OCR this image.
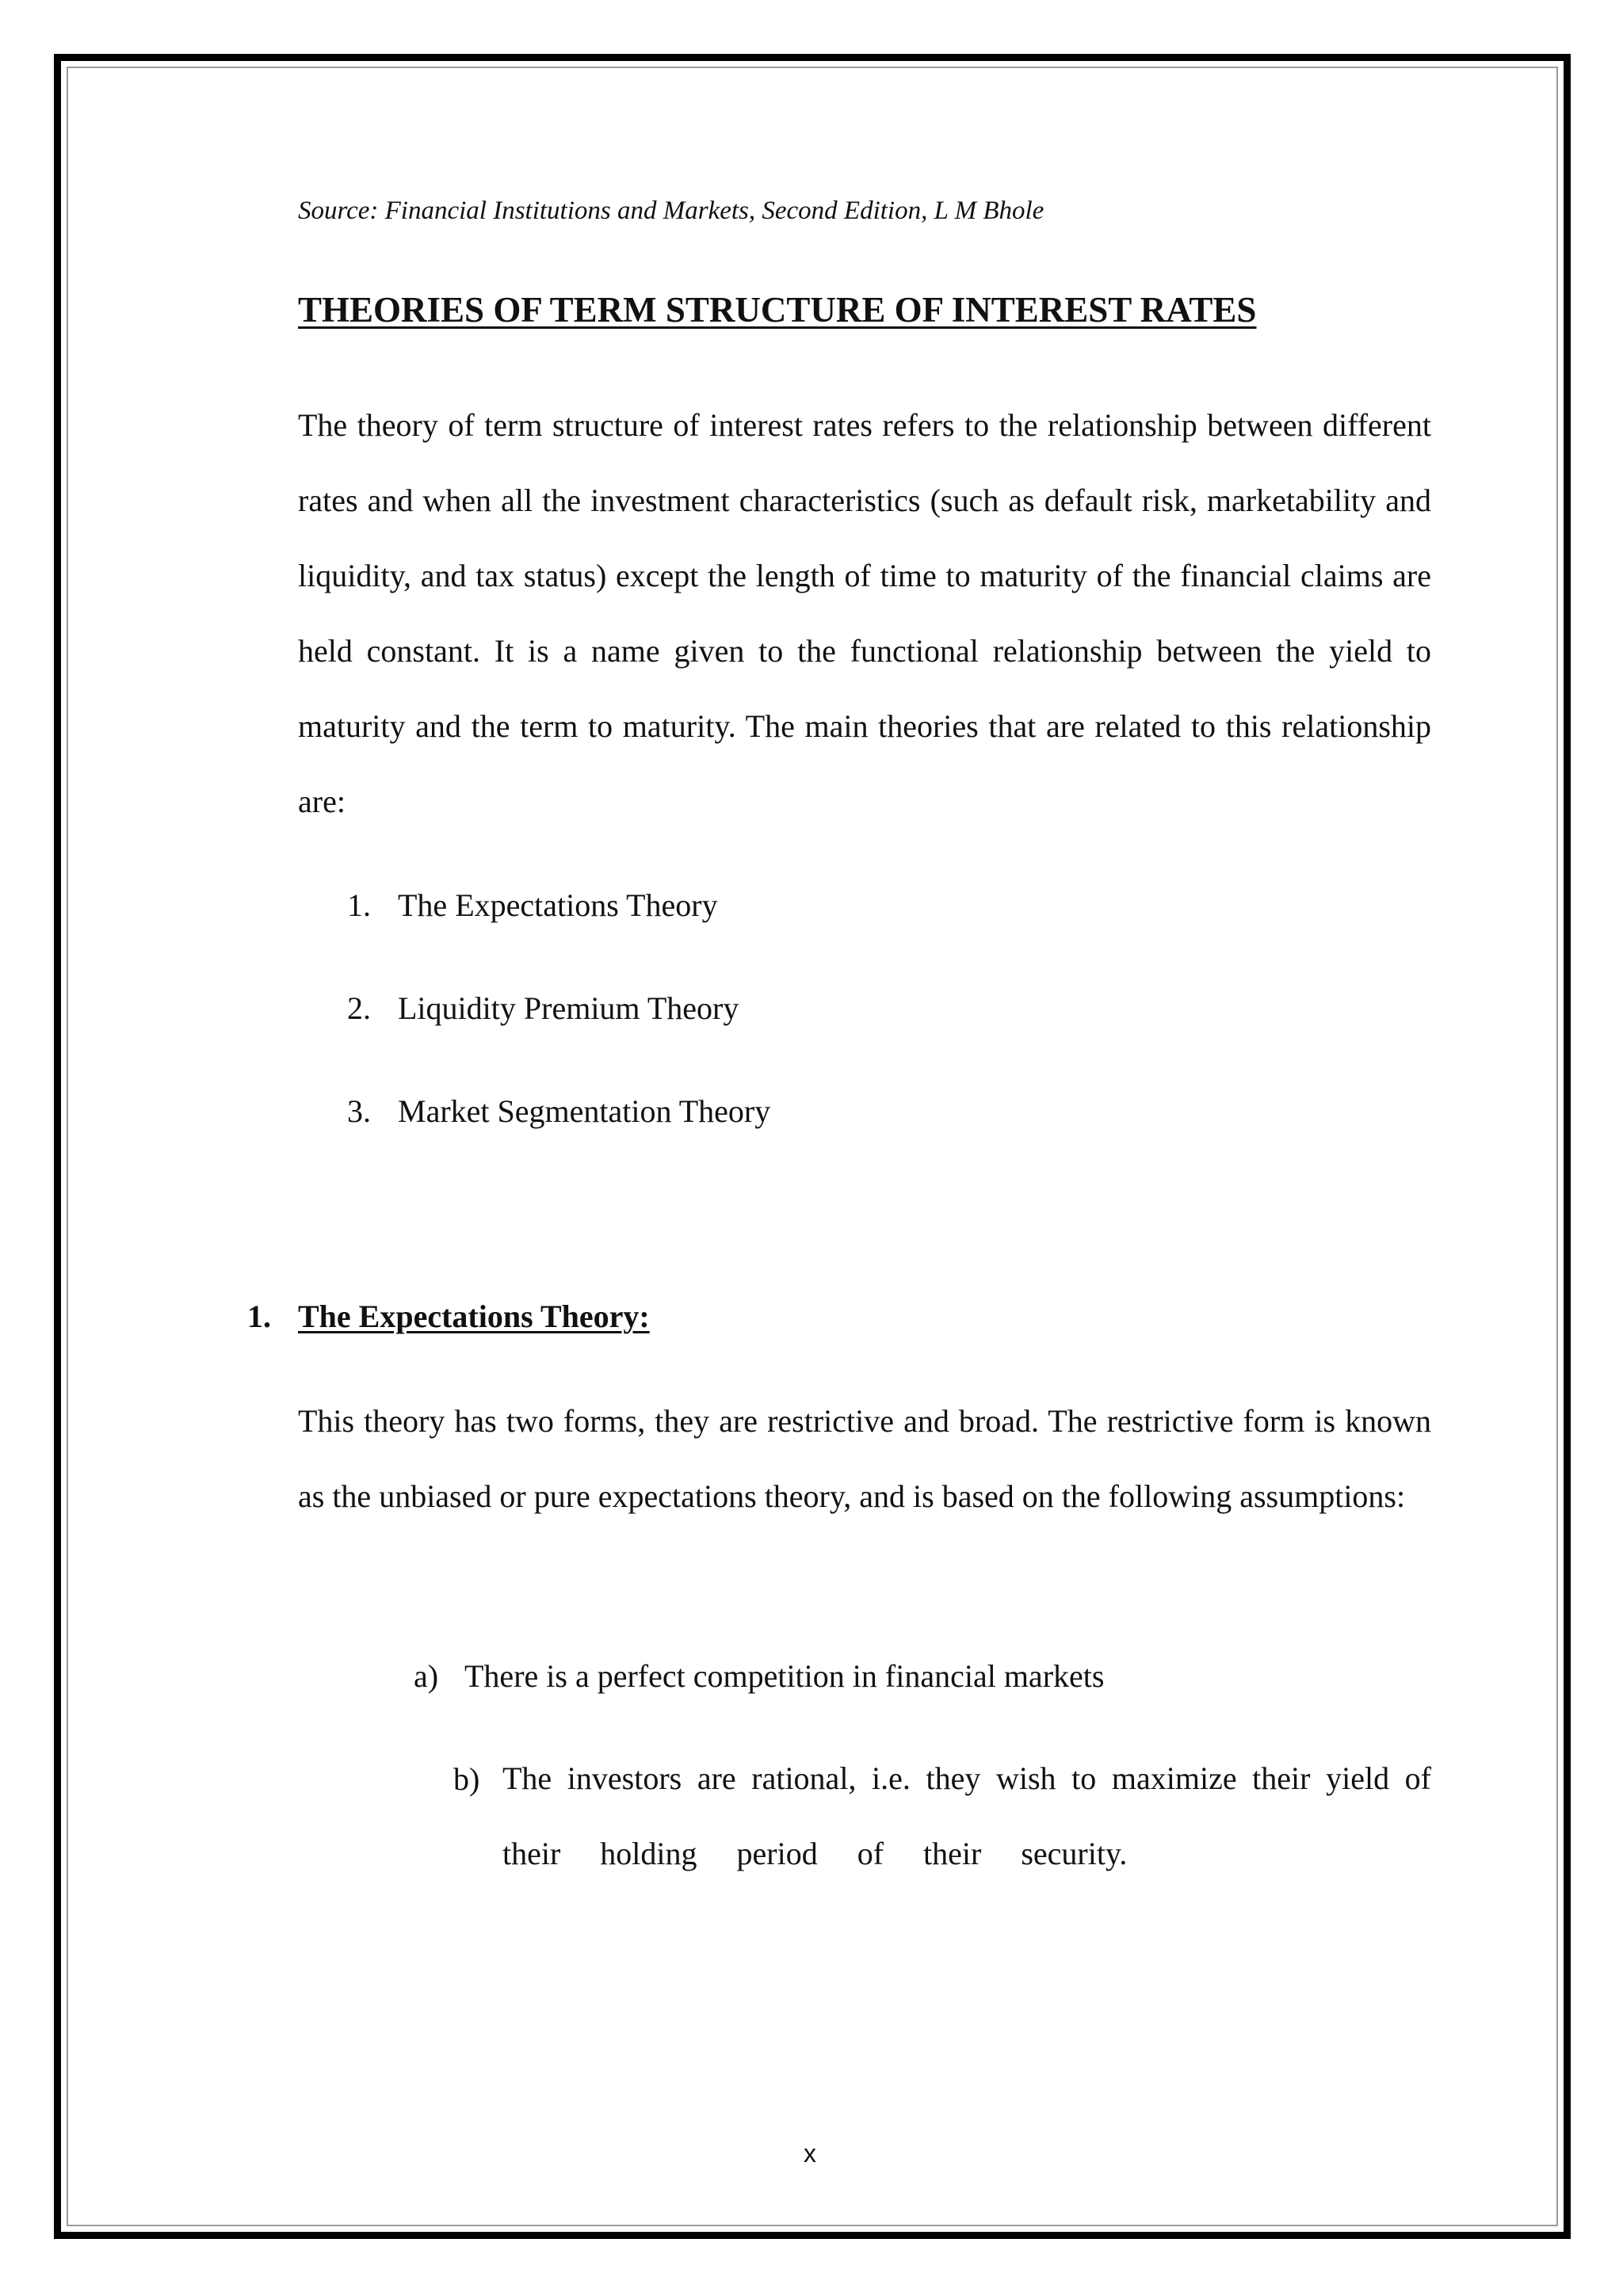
Source: Financial Institutions and Markets, Second Edition, L M Bhole

THEORIES OF TERM STRUCTURE OF INTEREST RATES

The theory of term structure of interest rates refers to the relationship between different rates and when all the investment characteristics (such as default risk, marketability and liquidity, and tax status) except the length of time to maturity of the financial claims are held constant. It is a name given to the functional relationship between the yield to maturity and the term to maturity. The main theories that are related to this relationship are:

1. The Expectations Theory
2. Liquidity Premium Theory
3. Market Segmentation Theory
1. The Expectations Theory:

This theory has two forms, they are restrictive and broad. The restrictive form is known as the unbiased or pure expectations theory, and is based on the following assumptions:

a) There is a perfect competition in financial markets
b) The investors are rational, i.e. they wish to maximize their yield of
their holding period of their security.
x
